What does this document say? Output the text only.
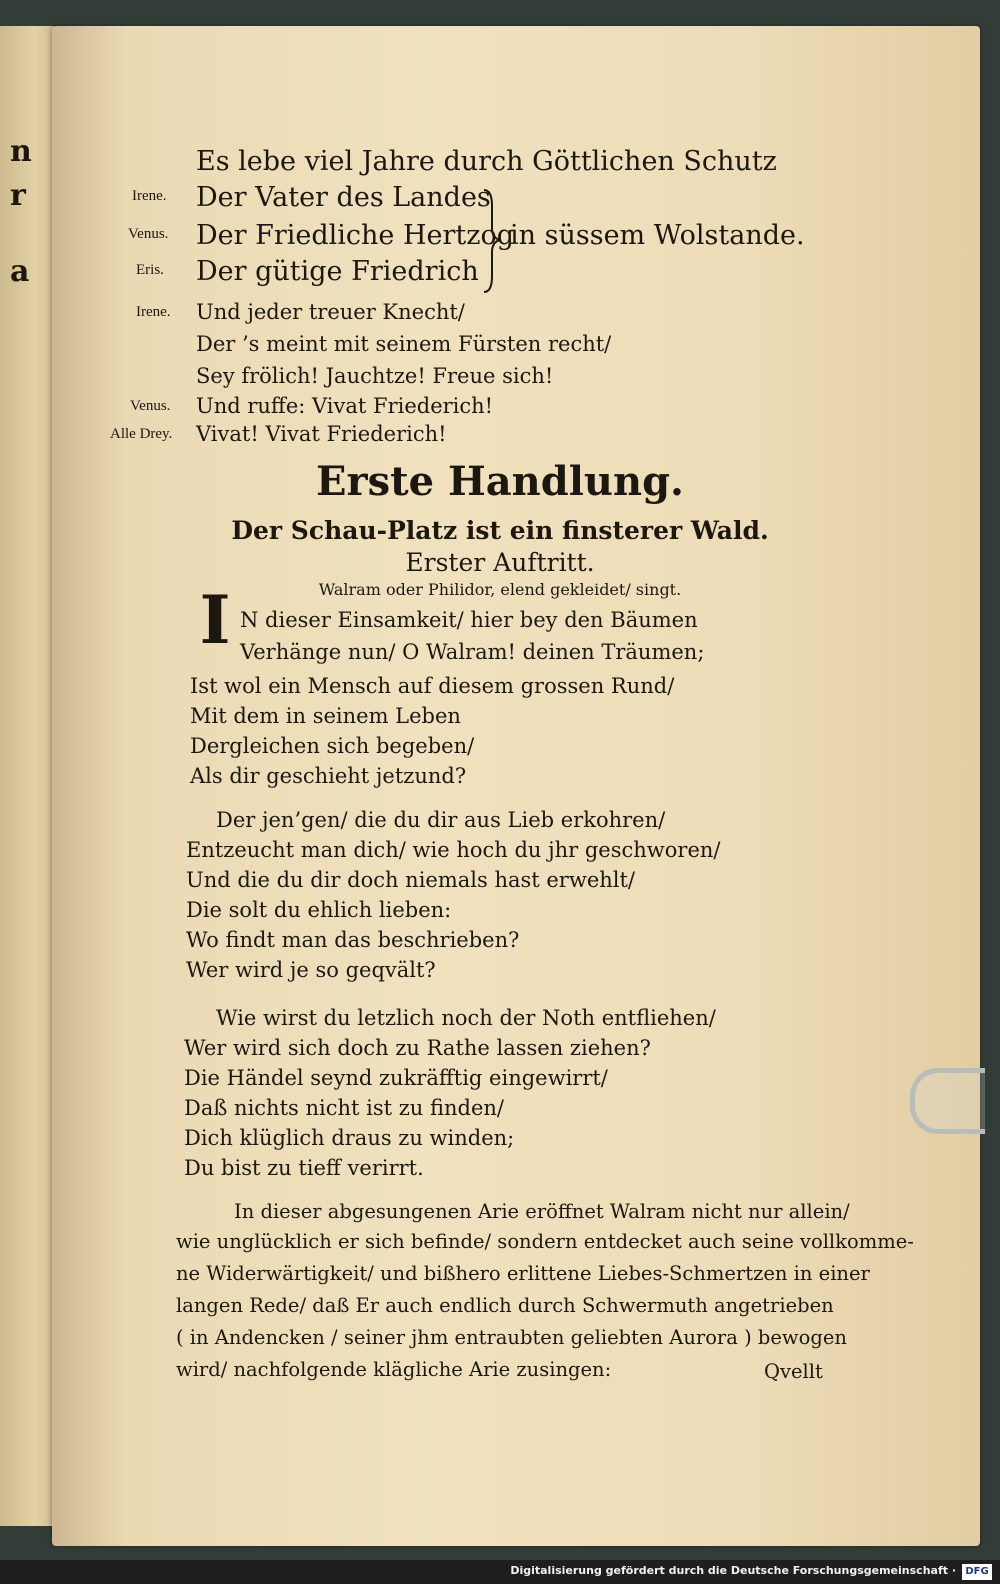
n
r
a
Es lebe viel Jahre durch Göttlichen Schutz
Irene. Der Vater des Landes
Venus. Der Friedliche Hertzog
in süssem Wolstande.
Eris. Der gütige Friedrich
Irene. Und jeder treuer Knecht/
Der ’s meint mit seinem Fürsten recht/
Sey frölich! Jauchtze! Freue sich!
Venus. Und ruffe: Vivat Friederich!
Alle Drey. Vivat! Vivat Friederich!
Erste Handlung.
Der Schau-Platz ist ein finsterer Wald.
Erster Auftritt.
Walram oder Philidor, elend gekleidet/ singt.
I N dieser Einsamkeit/ hier bey den Bäumen
Verhänge nun/ O Walram! deinen Träumen;
Ist wol ein Mensch auf diesem grossen Rund/
Mit dem in seinem Leben
Dergleichen sich begeben/
Als dir geschieht jetzund?
Der jen’gen/ die du dir aus Lieb erkohren/
Entzeucht man dich/ wie hoch du jhr geschworen/
Und die du dir doch niemals hast erwehlt/
Die solt du ehlich lieben:
Wo findt man das beschrieben?
Wer wird je so geqvält?
Wie wirst du letzlich noch der Noth entfliehen/
Wer wird sich doch zu Rathe lassen ziehen?
Die Händel seynd zukräfftig eingewirrt/
Daß nichts nicht ist zu finden/
Dich klüglich draus zu winden;
Du bist zu tieff verirrt.
In dieser abgesungenen Arie eröffnet Walram nicht nur allein/
wie unglücklich er sich befinde/ sondern entdecket auch seine vollkomme-
ne Widerwärtigkeit/ und bißhero erlittene Liebes-Schmertzen in einer
langen Rede/ daß Er auch endlich durch Schwermuth angetrieben
( in Andencken / seiner jhm entraubten geliebten Aurora ) bewogen
wird/ nachfolgende klägliche Arie zusingen:	Qvellt
Digitalisierung gefördert durch die Deutsche Forschungsgemeinschaft · DFG
